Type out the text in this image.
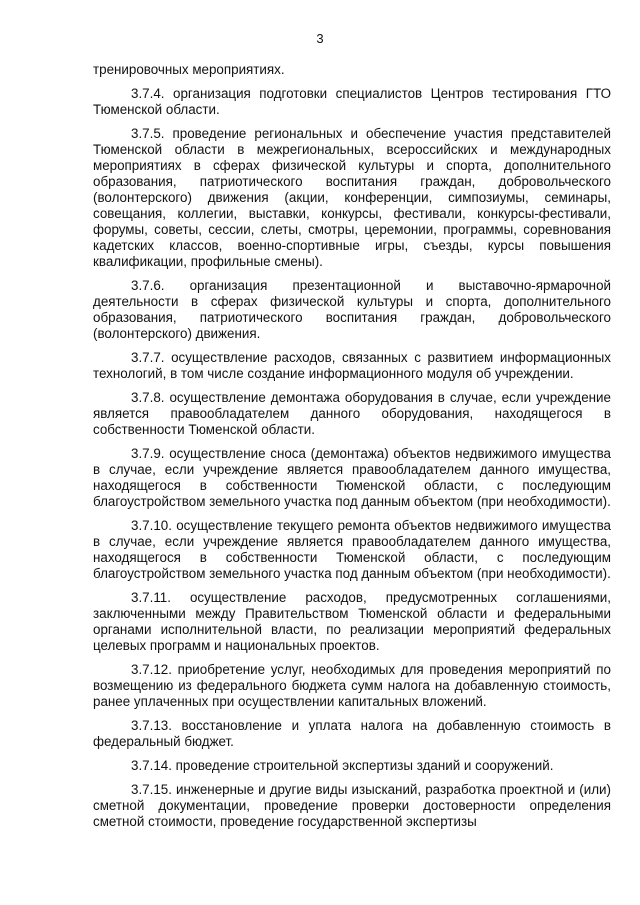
3

тренировочных мероприятиях.

3.7.4. организация подготовки специалистов Центров тестирования ГТО Тюменской области.

3.7.5. проведение региональных и обеспечение участия представителей Тюменской области в межрегиональных, всероссийских и международных мероприятиях в сферах физической культуры и спорта, дополнительного образования, патриотического воспитания граждан, добровольческого (волонтерского) движения (акции, конференции, симпозиумы, семинары, совещания, коллегии, выставки, конкурсы, фестивали, конкурсы-фестивали, форумы, советы, сессии, слеты, смотры, церемонии, программы, соревнования кадетских классов, военно-спортивные игры, съезды, курсы повышения квалификации, профильные смены).

3.7.6. организация презентационной и выставочно-ярмарочной деятельности в сферах физической культуры и спорта, дополнительного образования, патриотического воспитания граждан, добровольческого (волонтерского) движения.

3.7.7. осуществление расходов, связанных с развитием информационных технологий, в том числе создание информационного модуля об учреждении.

3.7.8. осуществление демонтажа оборудования в случае, если учреждение является правообладателем данного оборудования, находящегося в собственности Тюменской области.

3.7.9. осуществление сноса (демонтажа) объектов недвижимого имущества в случае, если учреждение является правообладателем данного имущества, находящегося в собственности Тюменской области, с последующим благоустройством земельного участка под данным объектом (при необходимости).

3.7.10. осуществление текущего ремонта объектов недвижимого имущества в случае, если учреждение является правообладателем данного имущества, находящегося в собственности Тюменской области, с последующим благоустройством земельного участка под данным объектом (при необходимости).

3.7.11. осуществление расходов, предусмотренных соглашениями, заключенными между Правительством Тюменской области и федеральными органами исполнительной власти, по реализации мероприятий федеральных целевых программ и национальных проектов.

3.7.12. приобретение услуг, необходимых для проведения мероприятий по возмещению из федерального бюджета сумм налога на добавленную стоимость, ранее уплаченных при осуществлении капитальных вложений.

3.7.13. восстановление и уплата налога на добавленную стоимость в федеральный бюджет.

3.7.14. проведение строительной экспертизы зданий и сооружений.

3.7.15. инженерные и другие виды изысканий, разработка проектной и (или) сметной документации, проведение проверки достоверности определения сметной стоимости, проведение государственной экспертизы
